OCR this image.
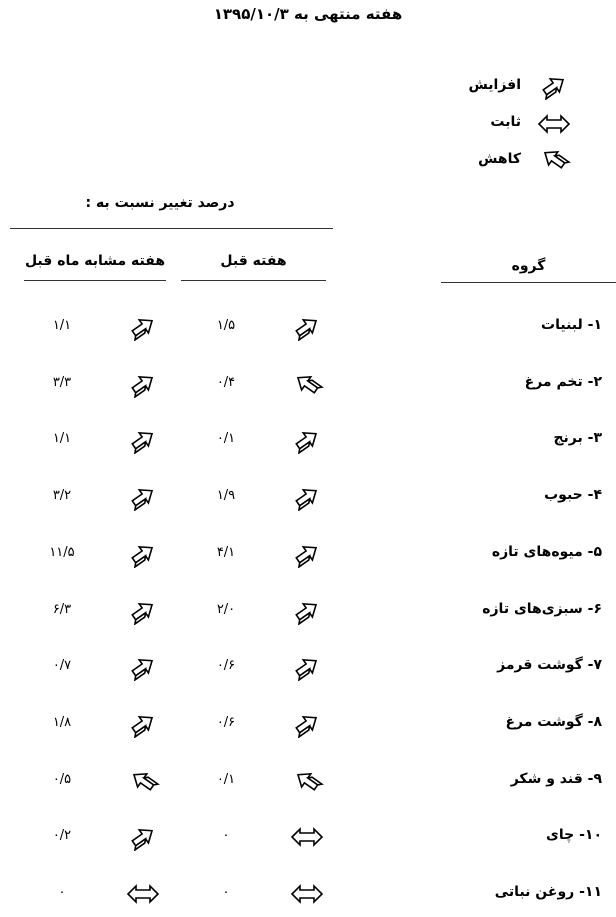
هفته منتهی به ۱۳۹۵/۱۰/۳
افزایش
ثابت
کاهش
درصد تغییر نسبت به :
هفته مشابه ماه قبل	هفته قبل	گروه
۱- لبنیات
۱/۵
۱/۱
۲- تخم مرغ
۰/۴
۳/۳
۳- برنج
۰/۱
۱/۱
۴- حبوب
۱/۹
۳/۲
۵- میوه‌های تازه
۴/۱
۱۱/۵
۶- سبزی‌های تازه
۲/۰
۶/۳
۷- گوشت قرمز
۰/۶
۰/۷
۸- گوشت مرغ
۰/۶
۱/۸
۹- قند و شکر
۰/۱
۰/۵
۱۰- چای
۰
۰/۲
۱۱- روغن نباتی
۰
۰
